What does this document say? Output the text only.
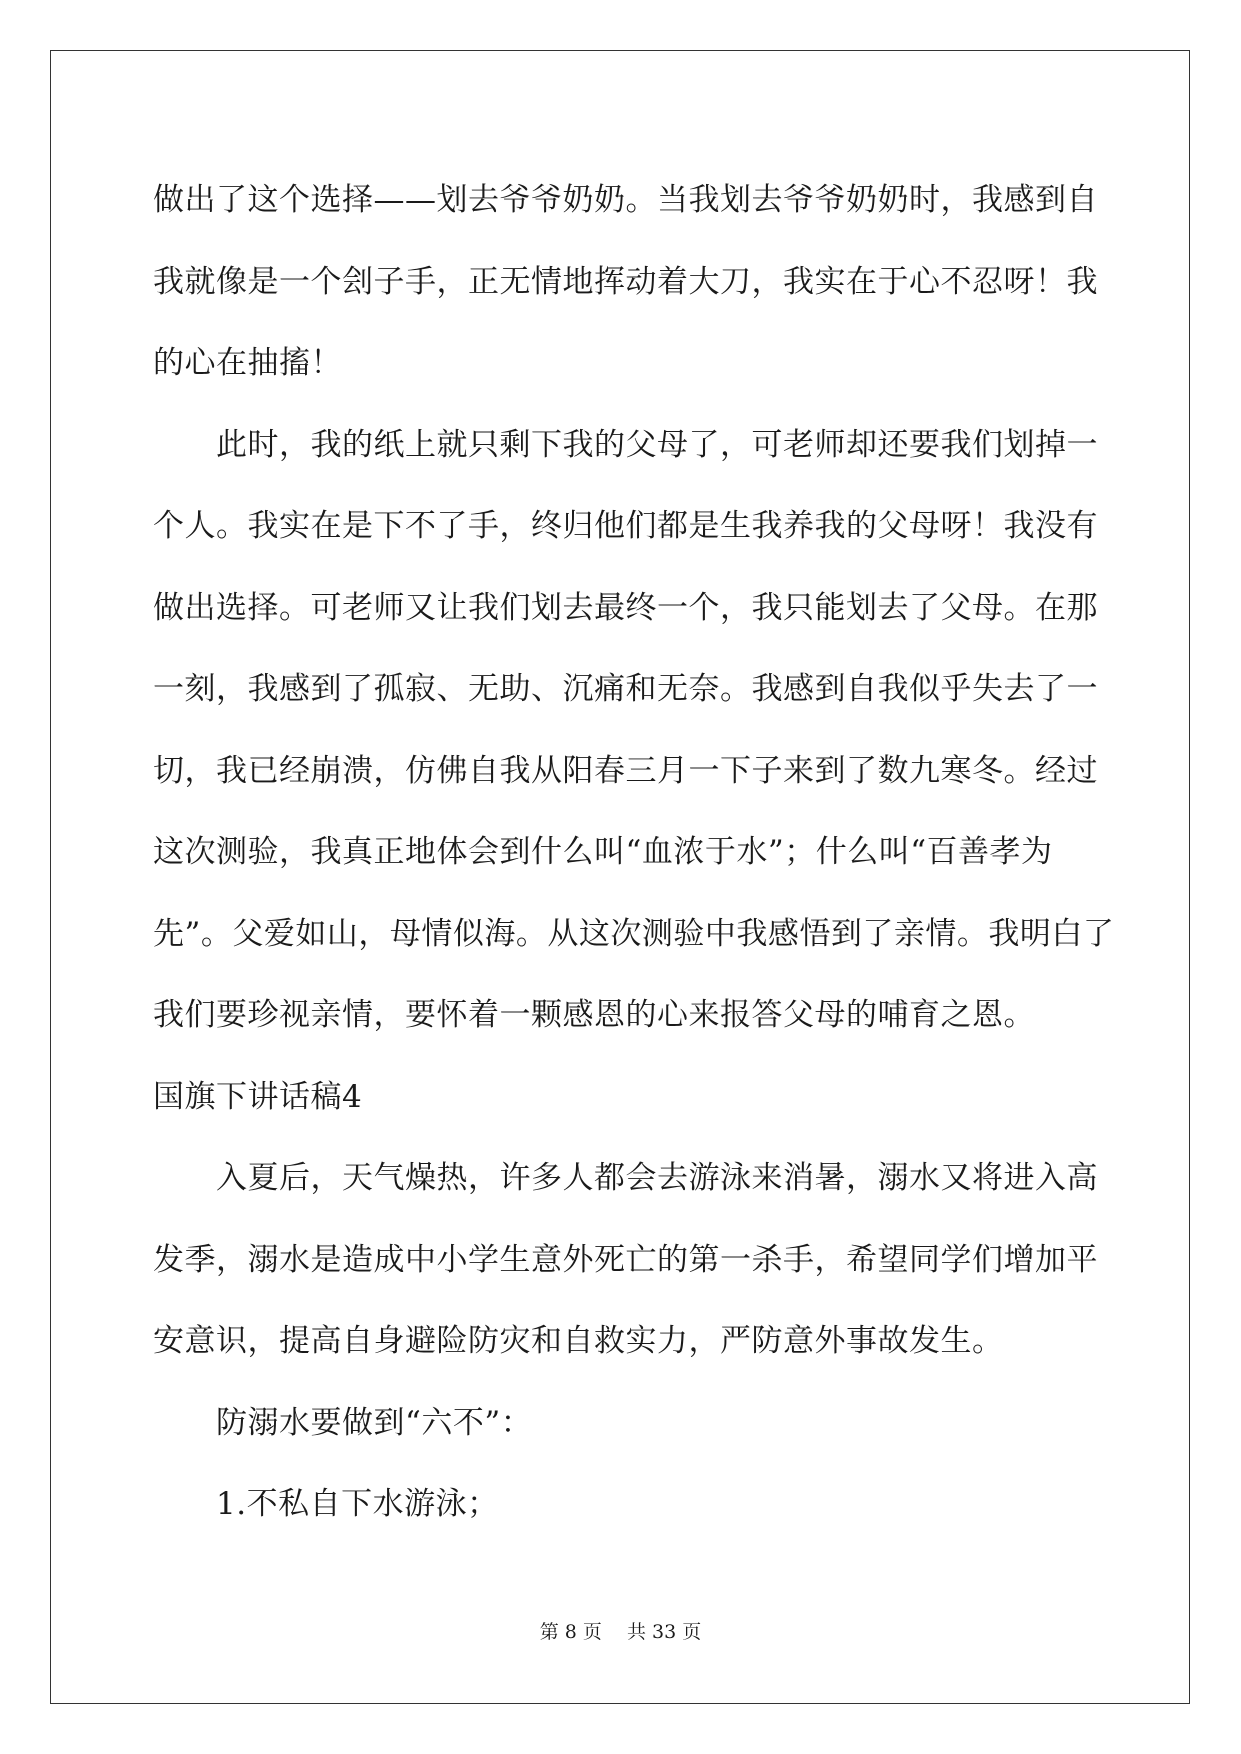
做出了这个选择——划去爷爷奶奶。当我划去爷爷奶奶时，我感到自
我就像是一个刽子手，正无情地挥动着大刀，我实在于心不忍呀！我
的心在抽搐！
　　此时，我的纸上就只剩下我的父母了，可老师却还要我们划掉一
个人。我实在是下不了手，终归他们都是生我养我的父母呀！我没有
做出选择。可老师又让我们划去最终一个，我只能划去了父母。在那
一刻，我感到了孤寂、无助、沉痛和无奈。我感到自我似乎失去了一
切，我已经崩溃，仿佛自我从阳春三月一下子来到了数九寒冬。经过
这次测验，我真正地体会到什么叫“血浓于水”；什么叫“百善孝为
先”。父爱如山，母情似海。从这次测验中我感悟到了亲情。我明白了
我们要珍视亲情，要怀着一颗感恩的心来报答父母的哺育之恩。
国旗下讲话稿4
　　入夏后，天气燥热，许多人都会去游泳来消暑，溺水又将进入高
发季，溺水是造成中小学生意外死亡的第一杀手，希望同学们增加平
安意识，提高自身避险防灾和自救实力，严防意外事故发生。
　　防溺水要做到“六不”：
　　1.不私自下水游泳；
第 8 页　 共 33 页
